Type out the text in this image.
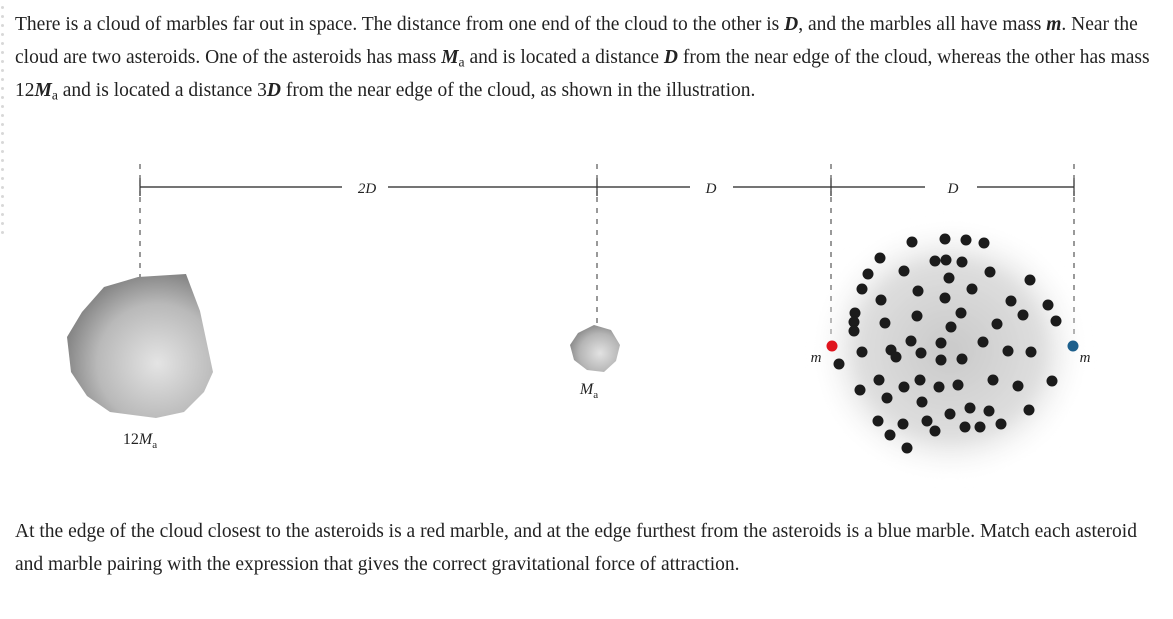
There is a cloud of marbles far out in space. The distance from one end of the cloud to the other is D, and the marbles all have mass m. Near the cloud are two asteroids. One of the asteroids has mass $M_a$ and is located a distance D from the near edge of the cloud, whereas the other has mass $12M_a$ and is located a distance 3D from the near edge of the cloud, as shown in the illustration.

2D	D	D
$12M_a$
$M_a$
m	m

At the edge of the cloud closest to the asteroids is a red marble, and at the edge furthest from the asteroids is a blue marble. Match each asteroid and marble pairing with the expression that gives the correct gravitational force of attraction.
